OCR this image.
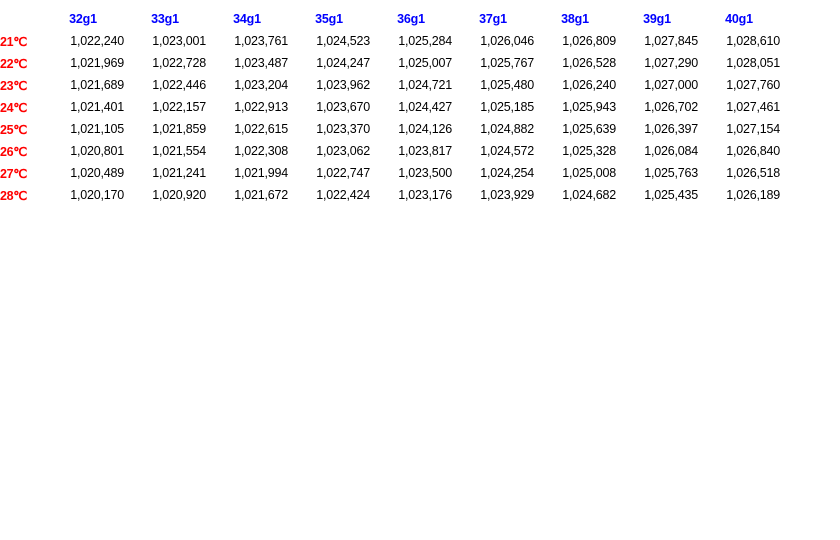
	32g1	33g1	34g1	35g1	36g1	37g1	38g1	39g1	40g1
21℃	1,022,240	1,023,001	1,023,761	1,024,523	1,025,284	1,026,046	1,026,809	1,027,845	1,028,610
22℃	1,021,969	1,022,728	1,023,487	1,024,247	1,025,007	1,025,767	1,026,528	1,027,290	1,028,051
23℃	1,021,689	1,022,446	1,023,204	1,023,962	1,024,721	1,025,480	1,026,240	1,027,000	1,027,760
24℃	1,021,401	1,022,157	1,022,913	1,023,670	1,024,427	1,025,185	1,025,943	1,026,702	1,027,461
25℃	1,021,105	1,021,859	1,022,615	1,023,370	1,024,126	1,024,882	1,025,639	1,026,397	1,027,154
26℃	1,020,801	1,021,554	1,022,308	1,023,062	1,023,817	1,024,572	1,025,328	1,026,084	1,026,840
27℃	1,020,489	1,021,241	1,021,994	1,022,747	1,023,500	1,024,254	1,025,008	1,025,763	1,026,518
28℃	1,020,170	1,020,920	1,021,672	1,022,424	1,023,176	1,023,929	1,024,682	1,025,435	1,026,189
